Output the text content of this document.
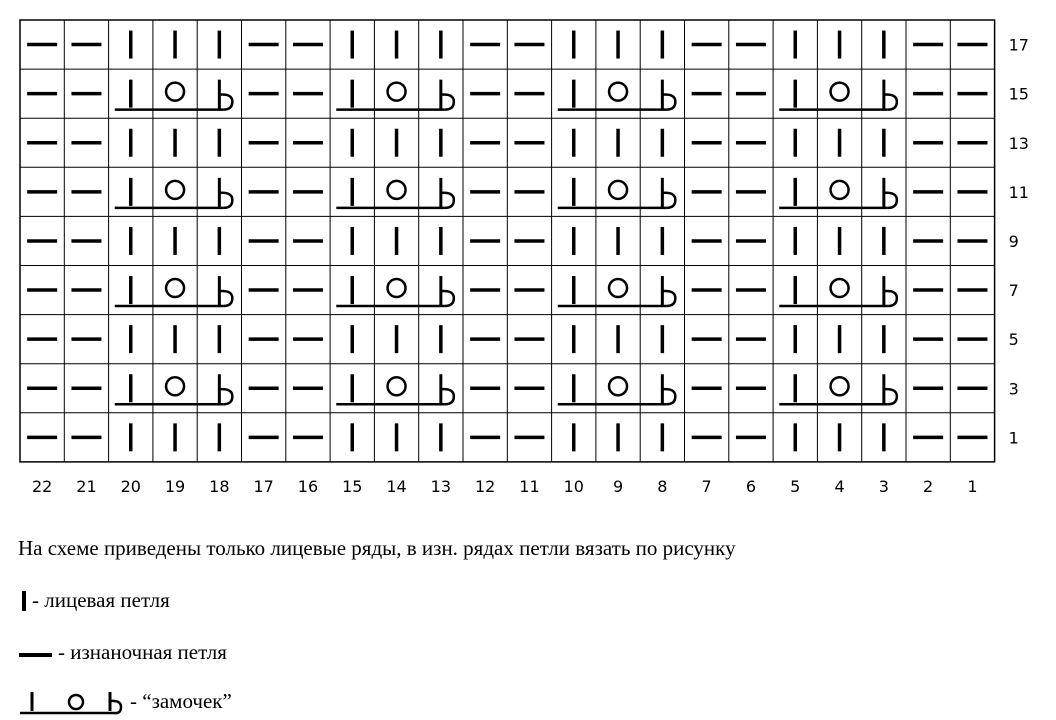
17
15
13
11
9
7
5
3
1
22 21 20 19 18 17 16 15 14 13 12 11 10 9 8 7 6 5 4 3 2 1
На схеме приведены только лицевые ряды, в изн. рядах петли вязать по рисунку
- лицевая петля
- изнаночная петля
- “замочек”
